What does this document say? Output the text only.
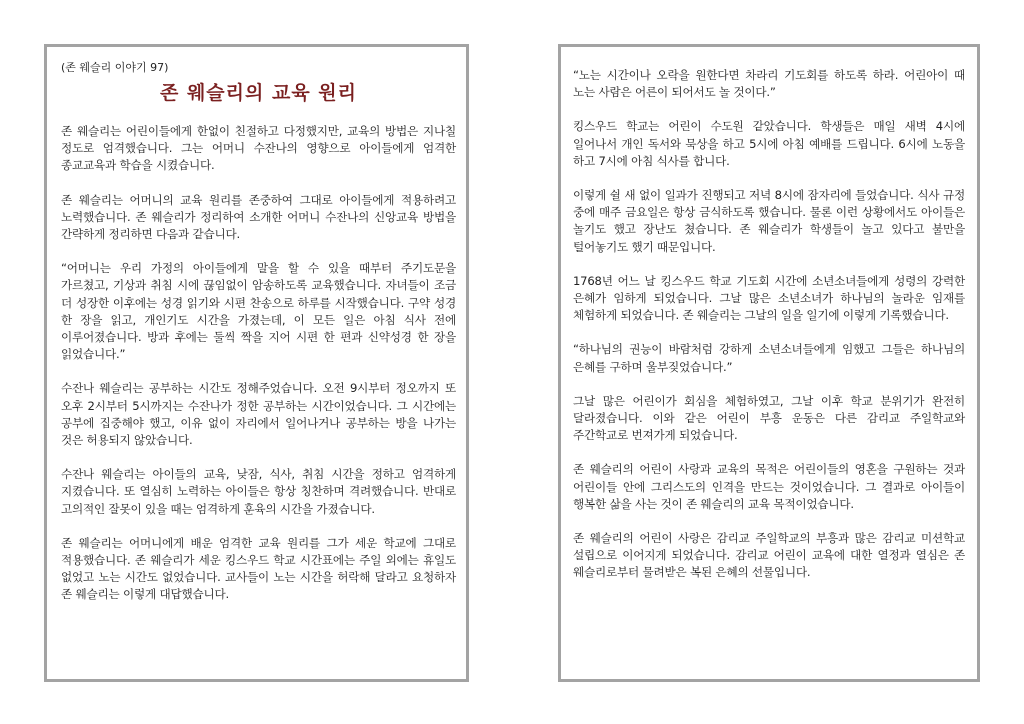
(존 웨슬리 이야기 97)

존 웨슬리의 교육 원리

존 웨슬리는 어린이들에게 한없이 친절하고 다정했지만, 교육의 방법은 지나칠 정도로 엄격했습니다. 그는 어머니 수잔나의 영향으로 아이들에게 엄격한 종교교육과 학습을 시켰습니다.

존 웨슬리는 어머니의 교육 원리를 존중하여 그대로 아이들에게 적용하려고 노력했습니다. 존 웨슬리가 정리하여 소개한 어머니 수잔나의 신앙교육 방법을 간략하게 정리하면 다음과 같습니다.

“어머니는 우리 가정의 아이들에게 말을 할 수 있을 때부터 주기도문을 가르쳤고, 기상과 취침 시에 끊임없이 암송하도록 교육했습니다. 자녀들이 조금 더 성장한 이후에는 성경 읽기와 시편 찬송으로 하루를 시작했습니다. 구약 성경 한 장을 읽고, 개인기도 시간을 가졌는데, 이 모든 일은 아침 식사 전에 이루어졌습니다. 방과 후에는 둘씩 짝을 지어 시편 한 편과 신약성경 한 장을 읽었습니다.”

수잔나 웨슬리는 공부하는 시간도 정해주었습니다. 오전 9시부터 정오까지 또 오후 2시부터 5시까지는 수잔나가 정한 공부하는 시간이었습니다. 그 시간에는 공부에 집중해야 했고, 이유 없이 자리에서 일어나거나 공부하는 방을 나가는 것은 허용되지 않았습니다.

수잔나 웨슬리는 아이들의 교육, 낮잠, 식사, 취침 시간을 정하고 엄격하게 지켰습니다. 또 열심히 노력하는 아이들은 항상 칭찬하며 격려했습니다. 반대로 고의적인 잘못이 있을 때는 엄격하게 훈육의 시간을 가졌습니다.

존 웨슬리는 어머니에게 배운 엄격한 교육 원리를 그가 세운 학교에 그대로 적용했습니다. 존 웨슬리가 세운 킹스우드 학교 시간표에는 주일 외에는 휴일도 없었고 노는 시간도 없었습니다. 교사들이 노는 시간을 허락해 달라고 요청하자 존 웨슬리는 이렇게 대답했습니다.

“노는 시간이나 오락을 원한다면 차라리 기도회를 하도록 하라. 어린아이 때 노는 사람은 어른이 되어서도 놀 것이다.”

킹스우드 학교는 어린이 수도원 같았습니다. 학생들은 매일 새벽 4시에 일어나서 개인 독서와 묵상을 하고 5시에 아침 예배를 드립니다. 6시에 노동을 하고 7시에 아침 식사를 합니다.

이렇게 쉴 새 없이 일과가 진행되고 저녁 8시에 잠자리에 들었습니다. 식사 규정 중에 매주 금요일은 항상 금식하도록 했습니다. 물론 이런 상황에서도 아이들은 놀기도 했고 장난도 쳤습니다. 존 웨슬리가 학생들이 놀고 있다고 불만을 털어놓기도 했기 때문입니다.

1768년 어느 날 킹스우드 학교 기도회 시간에 소년소녀들에게 성령의 강력한 은혜가 임하게 되었습니다. 그날 많은 소년소녀가 하나님의 놀라운 임재를 체험하게 되었습니다. 존 웨슬리는 그날의 일을 일기에 이렇게 기록했습니다.

“하나님의 권능이 바람처럼 강하게 소년소녀들에게 임했고 그들은 하나님의 은혜를 구하며 울부짖었습니다.”

그날 많은 어린이가 회심을 체험하였고, 그날 이후 학교 분위기가 완전히 달라졌습니다. 이와 같은 어린이 부흥 운동은 다른 감리교 주일학교와 주간학교로 번져가게 되었습니다.

존 웨슬리의 어린이 사랑과 교육의 목적은 어린이들의 영혼을 구원하는 것과 어린이들 안에 그리스도의 인격을 만드는 것이었습니다. 그 결과로 아이들이 행복한 삶을 사는 것이 존 웨슬리의 교육 목적이었습니다.

존 웨슬리의 어린이 사랑은 감리교 주일학교의 부흥과 많은 감리교 미션학교 설립으로 이어지게 되었습니다. 감리교 어린이 교육에 대한 열정과 열심은 존 웨슬리로부터 물려받은 복된 은혜의 선물입니다.
